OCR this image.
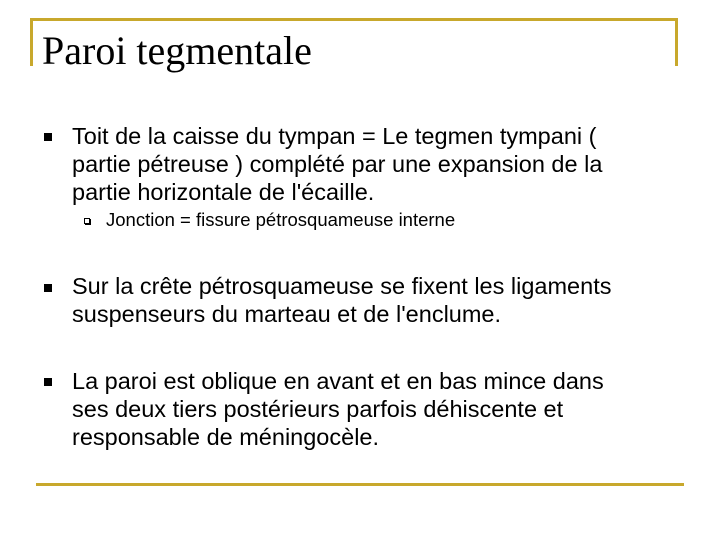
Paroi tegmentale
Toit de la caisse du tympan = Le tegmen tympani (
partie pétreuse ) complété par une expansion de la
partie horizontale de l'écaille.
Jonction = fissure pétrosquameuse interne
Sur la crête pétrosquameuse se fixent les ligaments
suspenseurs du marteau et de l'enclume.
La paroi est oblique en avant et en bas mince dans
ses deux tiers postérieurs parfois déhiscente et
responsable de méningocèle.
